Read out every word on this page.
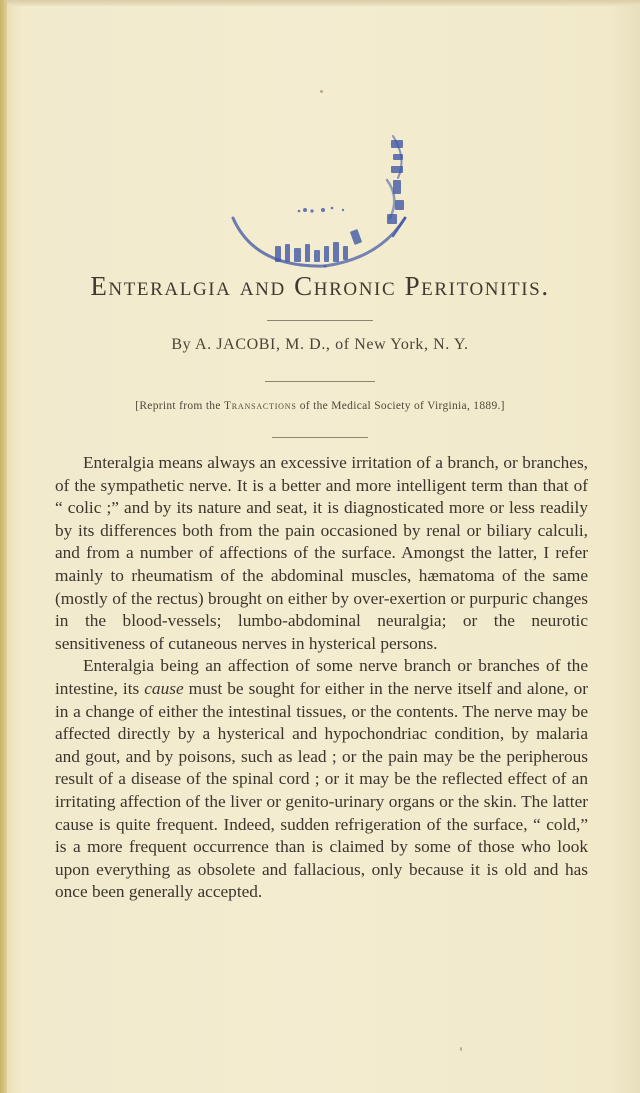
Enteralgia and Chronic Peritonitis.
By A. JACOBI, M. D., of New York, N. Y.
[Reprint from the Transactions of the Medical Society of Virginia, 1889.]

Enteralgia means always an excessive irritation of a branch, or branches, of the sympathetic nerve. It is a better and more intelligent term than that of “ colic ;” and by its nature and seat, it is diagnosticated more or less readily by its differences both from the pain occasioned by renal or biliary calculi, and from a number of affections of the surface. Amongst the latter, I refer mainly to rheumatism of the abdominal muscles, hæmatoma of the same (mostly of the rectus) brought on either by over-exertion or purpuric changes in the blood-vessels; lumbo-abdominal neuralgia; or the neurotic sensitiveness of cutaneous nerves in hysterical persons.

Enteralgia being an affection of some nerve branch or branches of the intestine, its cause must be sought for either in the nerve itself and alone, or in a change of either the intestinal tissues, or the contents. The nerve may be affected directly by a hysterical and hypochondriac condition, by malaria and gout, and by poisons, such as lead ; or the pain may be the peripherous result of a disease of the spinal cord ; or it may be the reflected effect of an irritating affection of the liver or genito-urinary organs or the skin. The latter cause is quite frequent. Indeed, sudden refrigeration of the surface, “ cold,” is a more frequent occurrence than is claimed by some of those who look upon everything as obsolete and fallacious, only because it is old and has once been generally accepted.
